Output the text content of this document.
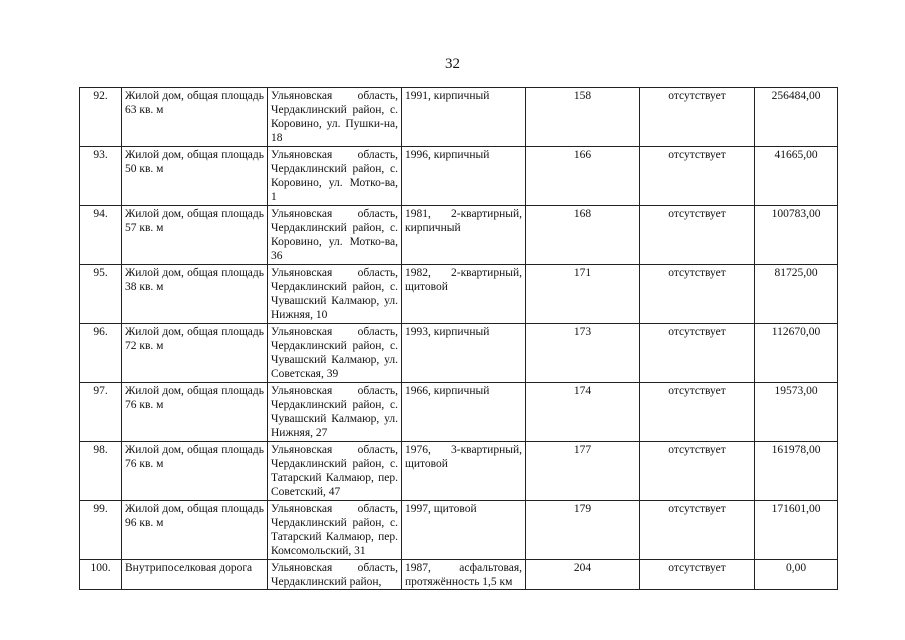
32
92.	Жилой дом, общая площадь 63 кв. м	Ульяновская область, Чердаклинский район, с. Коровино, ул. Пушки-на, 18	1991, кирпичный	158	отсутствует	256484,00
93.	Жилой дом, общая площадь 50 кв. м	Ульяновская область, Чердаклинский район, с. Коровино, ул. Мотко-ва, 1	1996, кирпичный	166	отсутствует	41665,00
94.	Жилой дом, общая площадь 57 кв. м	Ульяновская область, Чердаклинский район, с. Коровино, ул. Мотко-ва, 36	1981, 2-квартирный, кирпичный	168	отсутствует	100783,00
95.	Жилой дом, общая площадь 38 кв. м	Ульяновская область, Чердаклинский район, с. Чувашский Калмаюр, ул. Нижняя, 10	1982, 2-квартирный, щитовой	171	отсутствует	81725,00
96.	Жилой дом, общая площадь 72 кв. м	Ульяновская область, Чердаклинский район, с. Чувашский Калмаюр, ул. Советская, 39	1993, кирпичный	173	отсутствует	112670,00
97.	Жилой дом, общая площадь 76 кв. м	Ульяновская область, Чердаклинский район, с. Чувашский Калмаюр, ул. Нижняя, 27	1966, кирпичный	174	отсутствует	19573,00
98.	Жилой дом, общая площадь 76 кв. м	Ульяновская область, Чердаклинский район, с. Татарский Калмаюр, пер. Советский, 47	1976, 3-квартирный, щитовой	177	отсутствует	161978,00
99.	Жилой дом, общая площадь 96 кв. м	Ульяновская область, Чердаклинский район, с. Татарский Калмаюр, пер. Комсомольский, 31	1997, щитовой	179	отсутствует	171601,00
100.	Внутрипоселковая дорога	Ульяновская область, Чердаклинский район,	1987, асфальтовая, протяжённость 1,5 км	204	отсутствует	0,00
